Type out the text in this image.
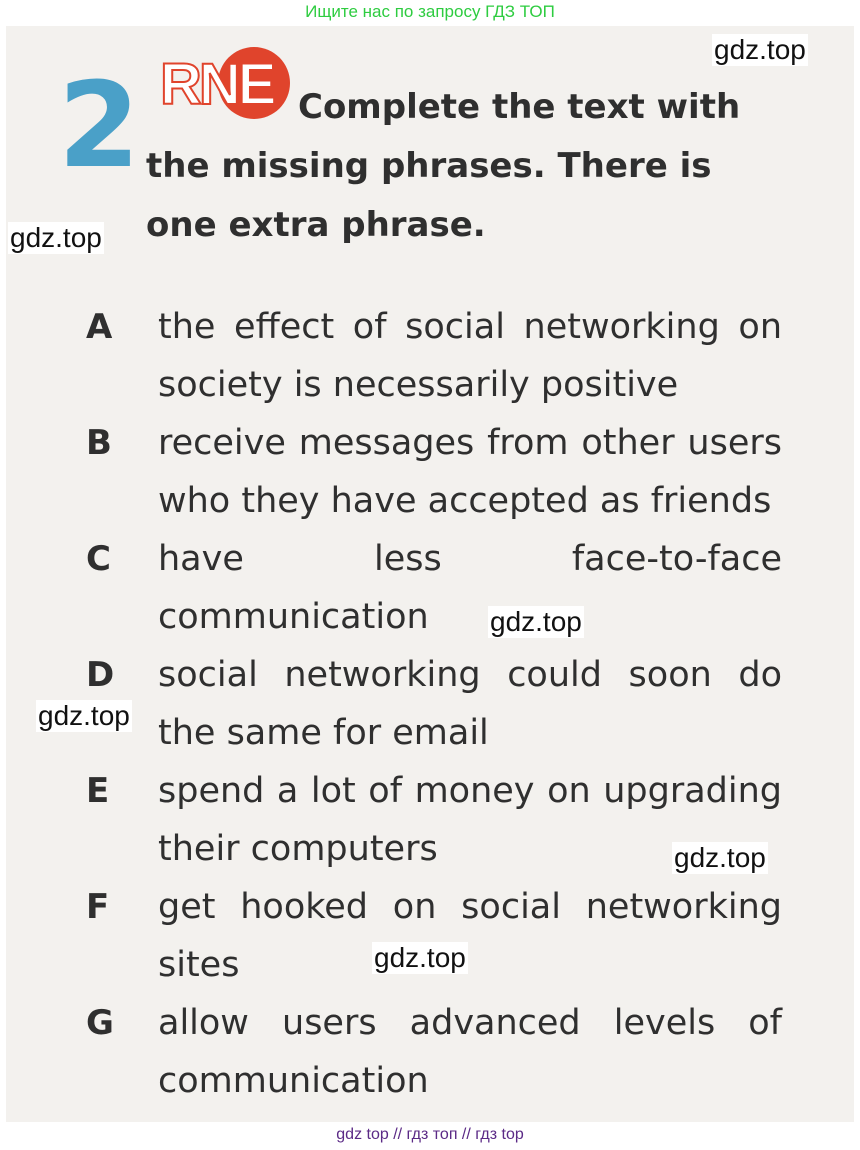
Ищите нас по запросу ГДЗ ТОП
2 RNE Complete the text with the missing phrases. There is one extra phrase.
A the effect of social networking on society is necessarily positive
B receive messages from other users who they have accepted as friends
C have less face-to-face communication
D social networking could soon do the same for email
E spend a lot of money on upgrading their computers
F get hooked on social networking sites
G allow users advanced levels of communication
gdz.top
gdz.top
gdz.top
gdz.top
gdz.top
gdz.top
gdz top // гдз топ // гдз top
